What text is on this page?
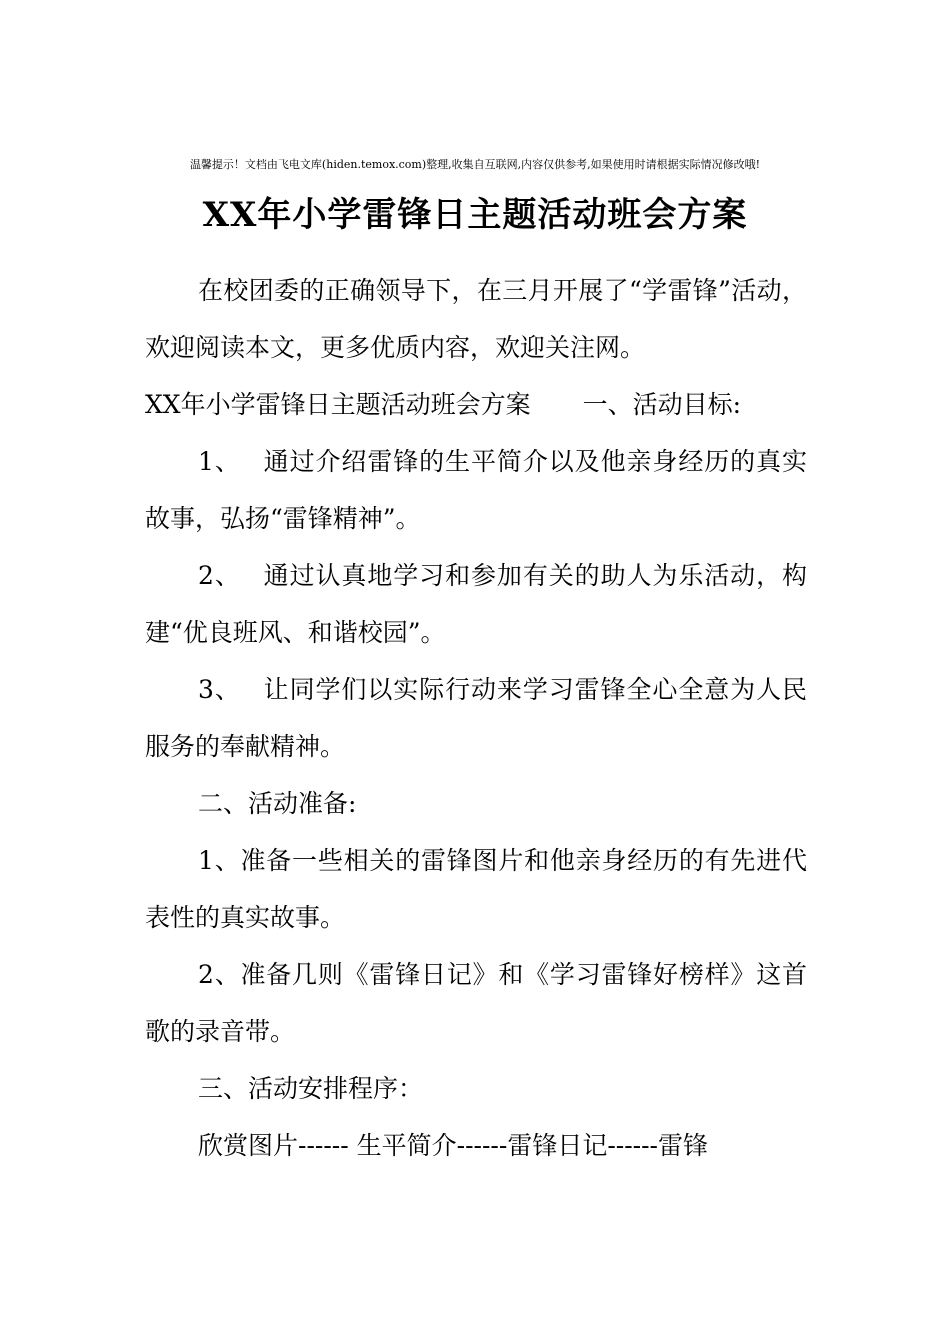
温馨提示！文档由飞电文库(hiden.temox.com)整理,收集自互联网,内容仅供参考,如果使用时请根据实际情况修改哦!
XX年小学雷锋日主题活动班会方案

在校团委的正确领导下，在三月开展了“学雷锋”活动，欢迎阅读本文，更多优质内容，欢迎关注网。

XX年小学雷锋日主题活动班会方案 一、活动目标:

1、 通过介绍雷锋的生平简介以及他亲身经历的真实故事，弘扬“雷锋精神”。

2、 通过认真地学习和参加有关的助人为乐活动，构建“优良班风、和谐校园”。

3、 让同学们以实际行动来学习雷锋全心全意为人民服务的奉献精神。

二、活动准备:

1、准备一些相关的雷锋图片和他亲身经历的有先进代表性的真实故事。

2、准备几则《雷锋日记》和《学习雷锋好榜样》这首歌的录音带。

三、活动安排程序：

欣赏图片------ 生平简介------雷锋日记------雷锋
